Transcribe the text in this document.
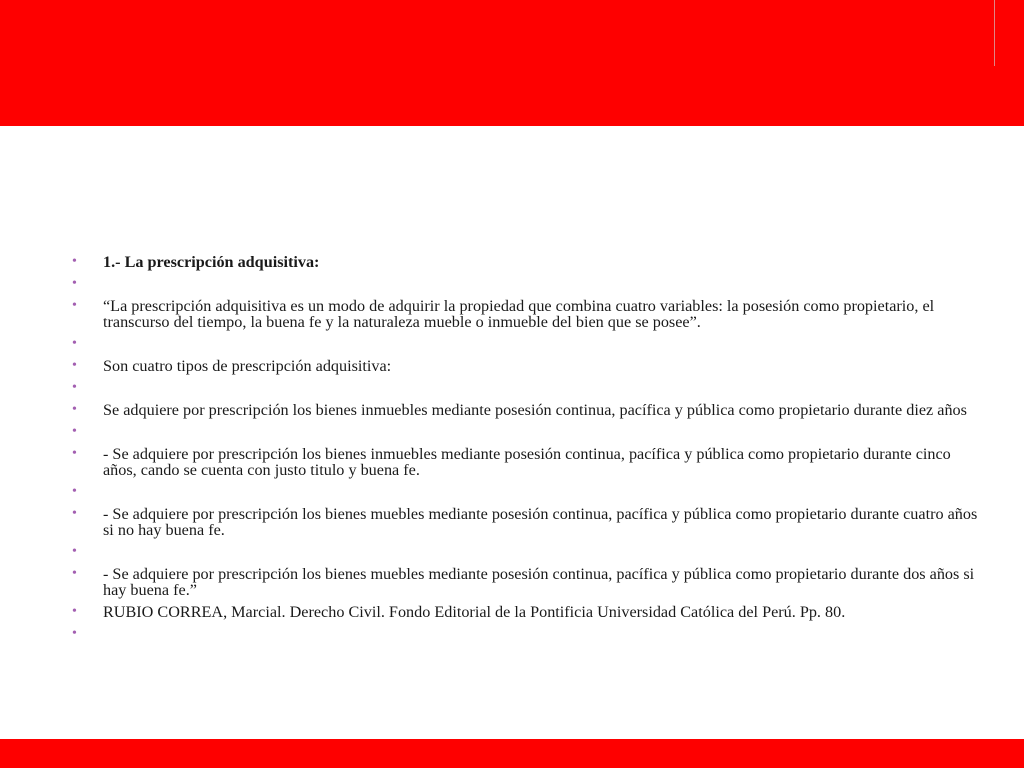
• 1.- La prescripción adquisitiva:
•
• “La prescripción adquisitiva es un modo de adquirir la propiedad que combina cuatro variables: la posesión como propietario, el transcurso del tiempo, la buena fe y la naturaleza mueble o inmueble del bien que se posee”.
•
• Son cuatro tipos de prescripción adquisitiva:
•
• Se adquiere por prescripción los bienes inmuebles mediante posesión continua, pacífica y pública como propietario durante diez años
•
• - Se adquiere por prescripción los bienes inmuebles mediante posesión continua, pacífica y pública como propietario durante cinco años, cando se cuenta con justo titulo y buena fe.
•
• - Se adquiere por prescripción los bienes muebles mediante posesión continua, pacífica y pública como propietario durante cuatro años si no hay buena fe.
•
• - Se adquiere por prescripción los bienes muebles mediante posesión continua, pacífica y pública como propietario durante dos años si hay buena fe.”
• RUBIO CORREA, Marcial. Derecho Civil. Fondo Editorial de la Pontificia Universidad Católica del Perú. Pp. 80.
•
